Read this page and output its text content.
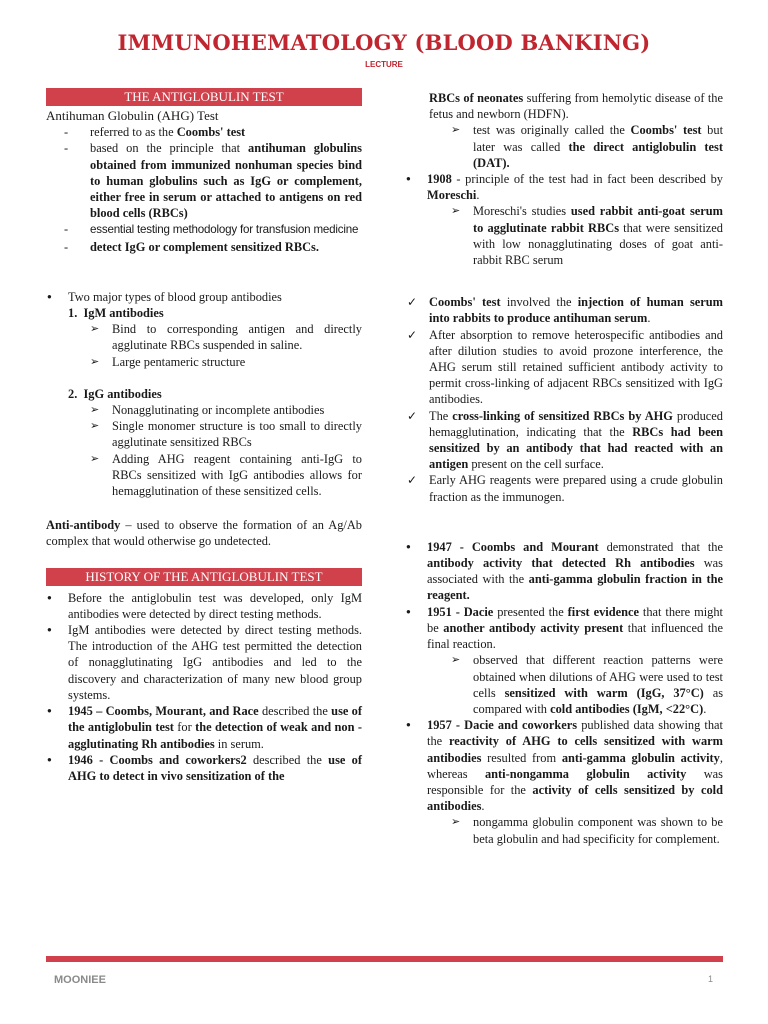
IMMUNOHEMATOLOGY (BLOOD BANKING)
LECTURE
THE ANTIGLOBULIN TEST
Antihuman Globulin (AHG) Test
- referred to as the Coombs' test
- based on the principle that antihuman globulins obtained from immunized nonhuman species bind to human globulins such as IgG or complement, either free in serum or attached to antigens on red blood cells (RBCs)
- essential testing methodology for transfusion medicine
- detect IgG or complement sensitized RBCs.
● Two major types of blood group antibodies
1.  IgM antibodies
➢ Bind to corresponding antigen and directly agglutinate RBCs suspended in saline.
➢ Large pentameric structure
2.  IgG antibodies
➢ Nonagglutinating or incomplete antibodies
➢ Single monomer structure is too small to directly agglutinate sensitized RBCs
➢ Adding AHG reagent containing anti-IgG to RBCs sensitized with IgG antibodies allows for hemagglutination of these sensitized cells.

Anti-antibody – used to observe the formation of an Ag/Ab complex that would otherwise go undetected.

HISTORY OF THE ANTIGLOBULIN TEST
● Before the antiglobulin test was developed, only IgM antibodies were detected by direct testing methods.
● IgM antibodies were detected by direct testing methods. The introduction of the AHG test permitted the detection of nonagglutinating IgG antibodies and led to the discovery and characterization of many new blood group systems.
● 1945 – Coombs, Mourant, and Race described the use of the antiglobulin test for the detection of weak and non - agglutinating Rh antibodies in serum.
● 1946 - Coombs and coworkers2 described the use of AHG to detect in vivo sensitization of the

RBCs of neonates suffering from hemolytic disease of the fetus and newborn (HDFN).

➢ test was originally called the Coombs' test but later was called the direct antiglobulin test (DAT).
● 1908 - principle of the test had in fact been described by Moreschi.
➢ Moreschi's studies used rabbit anti-goat serum to agglutinate rabbit RBCs that were sensitized with low nonagglutinating doses of goat anti-rabbit RBC serum
✓ Coombs' test involved the injection of human serum into rabbits to produce antihuman serum.
✓ After absorption to remove heterospecific antibodies and after dilution studies to avoid prozone interference, the AHG serum still retained sufficient antibody activity to permit cross-linking of adjacent RBCs sensitized with IgG antibodies.
✓ The cross-linking of sensitized RBCs by AHG produced hemagglutination, indicating that the RBCs had been sensitized by an antibody that had reacted with an antigen present on the cell surface.
✓ Early AHG reagents were prepared using a crude globulin fraction as the immunogen.
● 1947 - Coombs and Mourant demonstrated that the antibody activity that detected Rh antibodies was associated with the anti-gamma globulin fraction in the reagent.
● 1951 - Dacie presented the first evidence that there might be another antibody activity present that influenced the final reaction.
➢ observed that different reaction patterns were obtained when dilutions of AHG were used to test cells sensitized with warm (IgG, 37°C) as compared with cold antibodies (IgM, <22°C).
● 1957 - Dacie and coworkers published data showing that the reactivity of AHG to cells sensitized with warm antibodies resulted from anti-gamma globulin activity, whereas anti-nongamma globulin activity was responsible for the activity of cells sensitized by cold antibodies.
➢ nongamma globulin component was shown to be beta globulin and had specificity for complement.
MOONIEE	1
